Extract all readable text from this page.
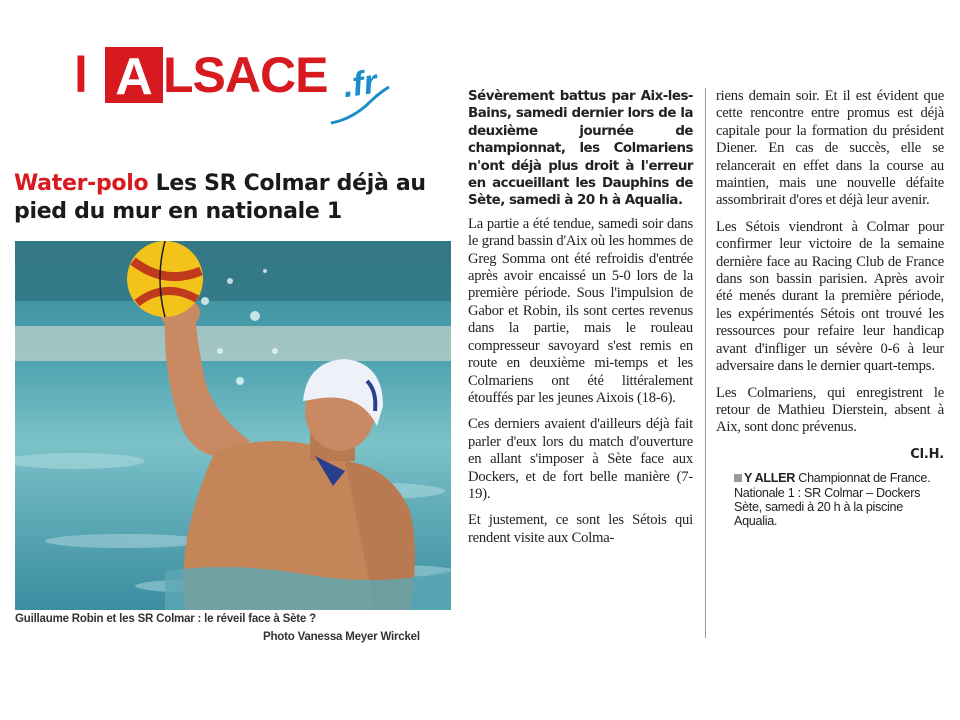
l A LSACE .fr
Water-polo Les SR Colmar déjà au pied du mur en nationale 1
Guillaume Robin et les SR Colmar : le réveil face à Sète ?
Photo Vanessa Meyer Wirckel

Sévèrement battus par Aix-les-Bains, samedi dernier lors de la deuxième journée de championnat, les Colmariens n'ont déjà plus droit à l'erreur en accueillant les Dauphins de Sète, samedi à 20 h à Aqualia.

La partie a été tendue, samedi soir dans le grand bassin d'Aix où les hommes de Greg Somma ont été refroidis d'entrée après avoir encaissé un 5-0 lors de la première période. Sous l'impulsion de Gabor et Robin, ils sont certes revenus dans la partie, mais le rouleau compresseur savoyard s'est remis en route en deuxième mi-temps et les Colmariens ont été littéralement étouffés par les jeunes Aixois (18-6).

Ces derniers avaient d'ailleurs déjà fait parler d'eux lors du match d'ouverture en allant s'imposer à Sète face aux Dockers, et de fort belle manière (7-19).

Et justement, ce sont les Sétois qui rendent visite aux Colma-

riens demain soir. Et il est évident que cette rencontre entre promus est déjà capitale pour la formation du président Diener. En cas de succès, elle se relancerait en effet dans la course au maintien, mais une nouvelle défaite assombrirait d'ores et déjà leur avenir.

Les Sétois viendront à Colmar pour confirmer leur victoire de la semaine dernière face au Racing Club de France dans son bassin parisien. Après avoir été menés durant la première période, les expérimentés Sétois ont trouvé les ressources pour refaire leur handicap avant d'infliger un sévère 0-6 à leur adversaire dans le dernier quart-temps.

Les Colmariens, qui enregistrent le retour de Mathieu Dierstein, absent à Aix, sont donc prévenus.

Cl.H.

Y ALLER Championnat de France. Nationale 1 : SR Colmar – Dockers Sète, samedi à 20 h à la piscine Aqualia.
